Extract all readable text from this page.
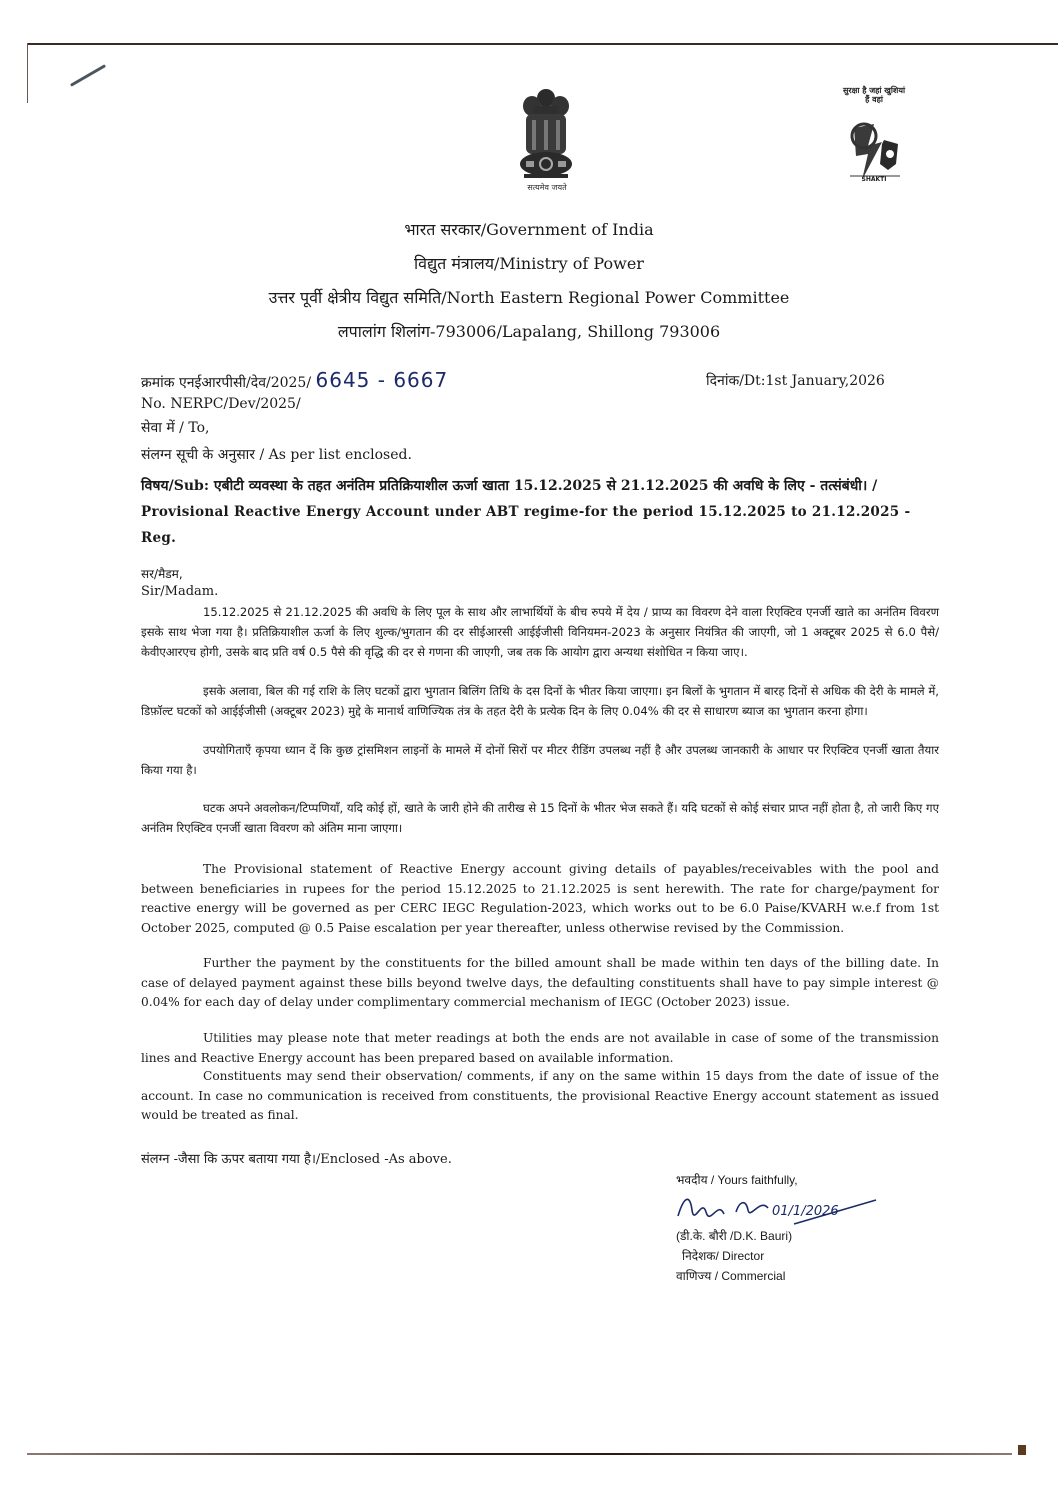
सत्यमेव जयते
सुरक्षा है जहां खुशियां हैं वहां
SHAKTI
भारत सरकार/Government of India
विद्युत मंत्रालय/Ministry of Power
उत्तर पूर्वी क्षेत्रीय विद्युत समिति/North Eastern Regional Power Committee
लपालांग शिलांग-793006/Lapalang, Shillong 793006
क्रमांक एनईआरपीसी/देव/2025/ 6645 - 6667	दिनांक/Dt:1st January,2026
No. NERPC/Dev/2025/
सेवा में / To,
संलग्न सूची के अनुसार / As per list enclosed.
विषय/Sub: एबीटी व्यवस्था के तहत अनंतिम प्रतिक्रियाशील ऊर्जा खाता 15.12.2025 से 21.12.2025 की अवधि के लिए - तत्संबंधी। / Provisional Reactive Energy Account under ABT regime-for the period 15.12.2025 to 21.12.2025 -Reg.
सर/मैडम,
Sir/Madam.
15.12.2025 से 21.12.2025 की अवधि के लिए पूल के साथ और लाभार्थियों के बीच रुपये में देय / प्राप्य का विवरण देने वाला रिएक्टिव एनर्जी खाते का अनंतिम विवरण इसके साथ भेजा गया है। प्रतिक्रियाशील ऊर्जा के लिए शुल्क/भुगतान की दर सीईआरसी आईईजीसी विनियमन-2023 के अनुसार नियंत्रित की जाएगी, जो 1 अक्टूबर 2025 से 6.0 पैसे/केवीएआरएच होगी, उसके बाद प्रति वर्ष 0.5 पैसे की वृद्धि की दर से गणना की जाएगी, जब तक कि आयोग द्वारा अन्यथा संशोधित न किया जाए।.
इसके अलावा, बिल की गई राशि के लिए घटकों द्वारा भुगतान बिलिंग तिथि के दस दिनों के भीतर किया जाएगा। इन बिलों के भुगतान में बारह दिनों से अधिक की देरी के मामले में, डिफ़ॉल्ट घटकों को आईईजीसी (अक्टूबर 2023) मुद्दे के मानार्थ वाणिज्यिक तंत्र के तहत देरी के प्रत्येक दिन के लिए 0.04% की दर से साधारण ब्याज का भुगतान करना होगा।
उपयोगिताएँ कृपया ध्यान दें कि कुछ ट्रांसमिशन लाइनों के मामले में दोनों सिरों पर मीटर रीडिंग उपलब्ध नहीं है और उपलब्ध जानकारी के आधार पर रिएक्टिव एनर्जी खाता तैयार किया गया है।
घटक अपने अवलोकन/टिप्पणियाँ, यदि कोई हों, खाते के जारी होने की तारीख से 15 दिनों के भीतर भेज सकते हैं। यदि घटकों से कोई संचार प्राप्त नहीं होता है, तो जारी किए गए अनंतिम रिएक्टिव एनर्जी खाता विवरण को अंतिम माना जाएगा।
The Provisional statement of Reactive Energy account giving details of payables/receivables with the pool and between beneficiaries in rupees for the period 15.12.2025 to 21.12.2025 is sent herewith. The rate for charge/payment for reactive energy will be governed as per CERC IEGC Regulation-2023, which works out to be 6.0 Paise/KVARH w.e.f from 1st October 2025, computed @ 0.5 Paise escalation per year thereafter, unless otherwise revised by the Commission.
Further the payment by the constituents for the billed amount shall be made within ten days of the billing date. In case of delayed payment against these bills beyond twelve days, the defaulting constituents shall have to pay simple interest @ 0.04% for each day of delay under complimentary commercial mechanism of IEGC (October 2023) issue.
Utilities may please note that meter readings at both the ends are not available in case of some of the transmission lines and Reactive Energy account has been prepared based on available information.
Constituents may send their observation/ comments, if any on the same within 15 days from the date of issue of the account. In case no communication is received from constituents, the provisional Reactive Energy account statement as issued would be treated as final.
संलग्न -जैसा कि ऊपर बताया गया है।/Enclosed -As above.
भवदीय / Yours faithfully,
01/1/2026
(डी.के. बौरी /D.K. Bauri)
निदेशक/ Director
वाणिज्य / Commercial
